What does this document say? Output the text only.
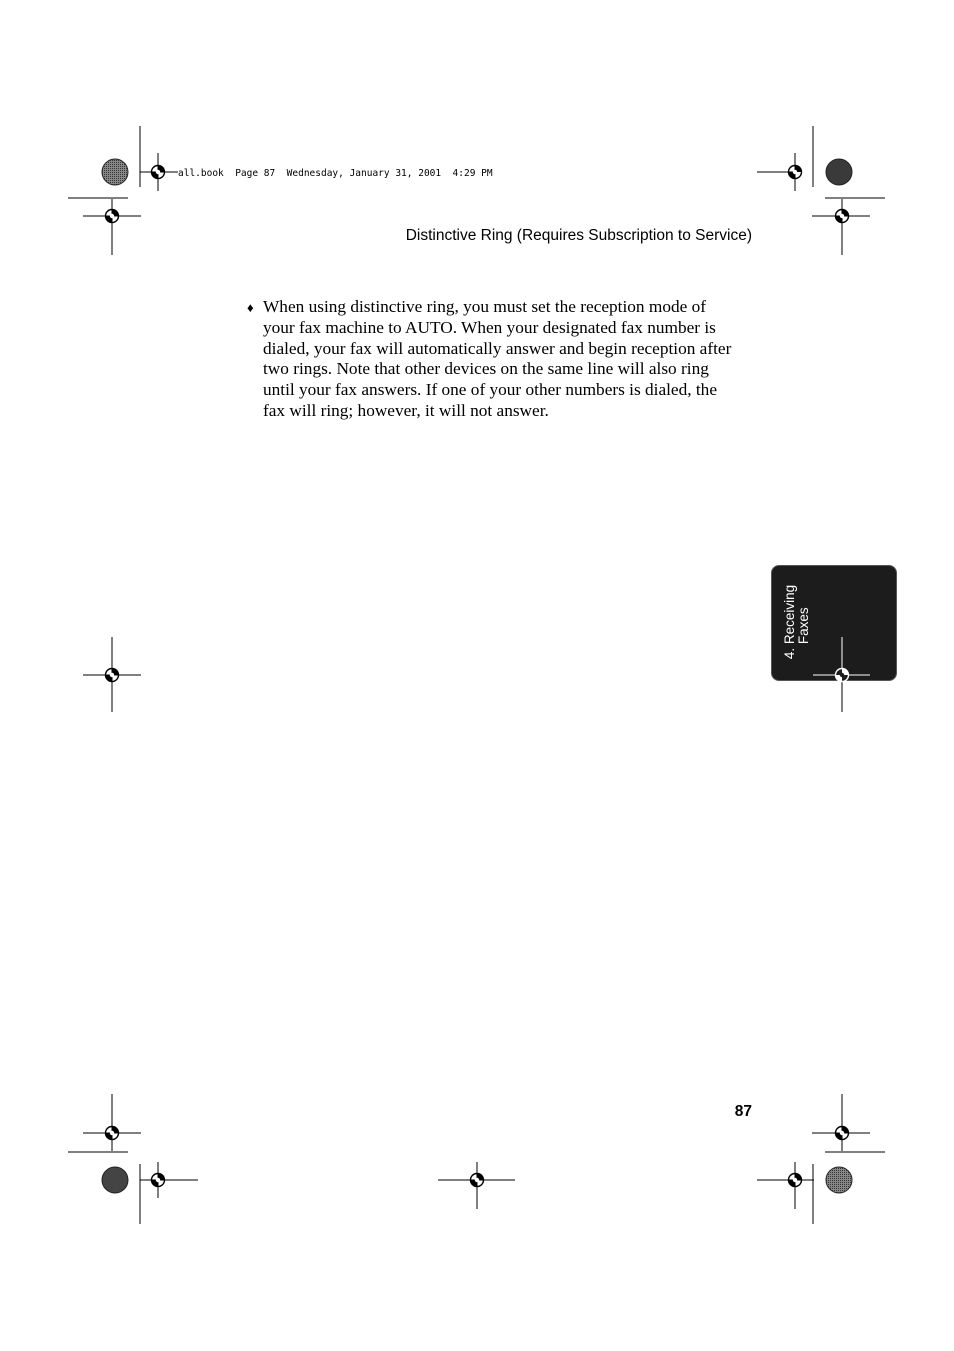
all.book  Page 87  Wednesday, January 31, 2001  4:29 PM
Distinctive Ring (Requires Subscription to Service)
♦ When using distinctive ring, you must set the reception mode of
your fax machine to AUTO. When your designated fax number is
dialed, your fax will automatically answer and begin reception after
two rings. Note that other devices on the same line will also ring
until your fax answers. If one of your other numbers is dialed, the
fax will ring; however, it will not answer.
4. Receiving
Faxes
87
